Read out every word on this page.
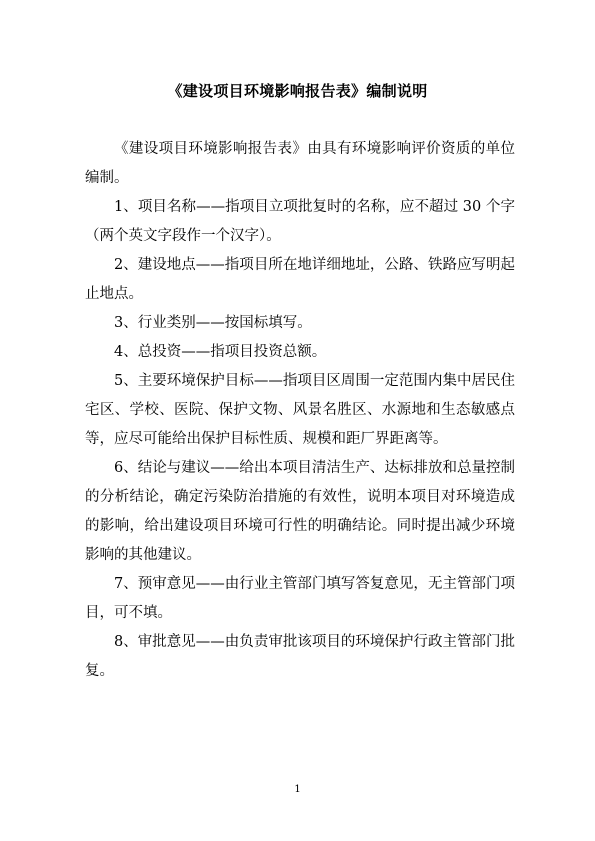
《建设项目环境影响报告表》编制说明

《建设项目环境影响报告表》由具有环境影响评价资质的单位编制。

1、项目名称——指项目立项批复时的名称，应不超过 30 个字（两个英文字段作一个汉字）。

2、建设地点——指项目所在地详细地址，公路、铁路应写明起止地点。

3、行业类别——按国标填写。

4、总投资——指项目投资总额。

5、主要环境保护目标——指项目区周围一定范围内集中居民住宅区、学校、医院、保护文物、风景名胜区、水源地和生态敏感点等，应尽可能给出保护目标性质、规模和距厂界距离等。

6、结论与建议——给出本项目清洁生产、达标排放和总量控制的分析结论，确定污染防治措施的有效性，说明本项目对环境造成的影响，给出建设项目环境可行性的明确结论。同时提出减少环境影响的其他建议。

7、预审意见——由行业主管部门填写答复意见，无主管部门项目，可不填。

8、审批意见——由负责审批该项目的环境保护行政主管部门批复。

1
